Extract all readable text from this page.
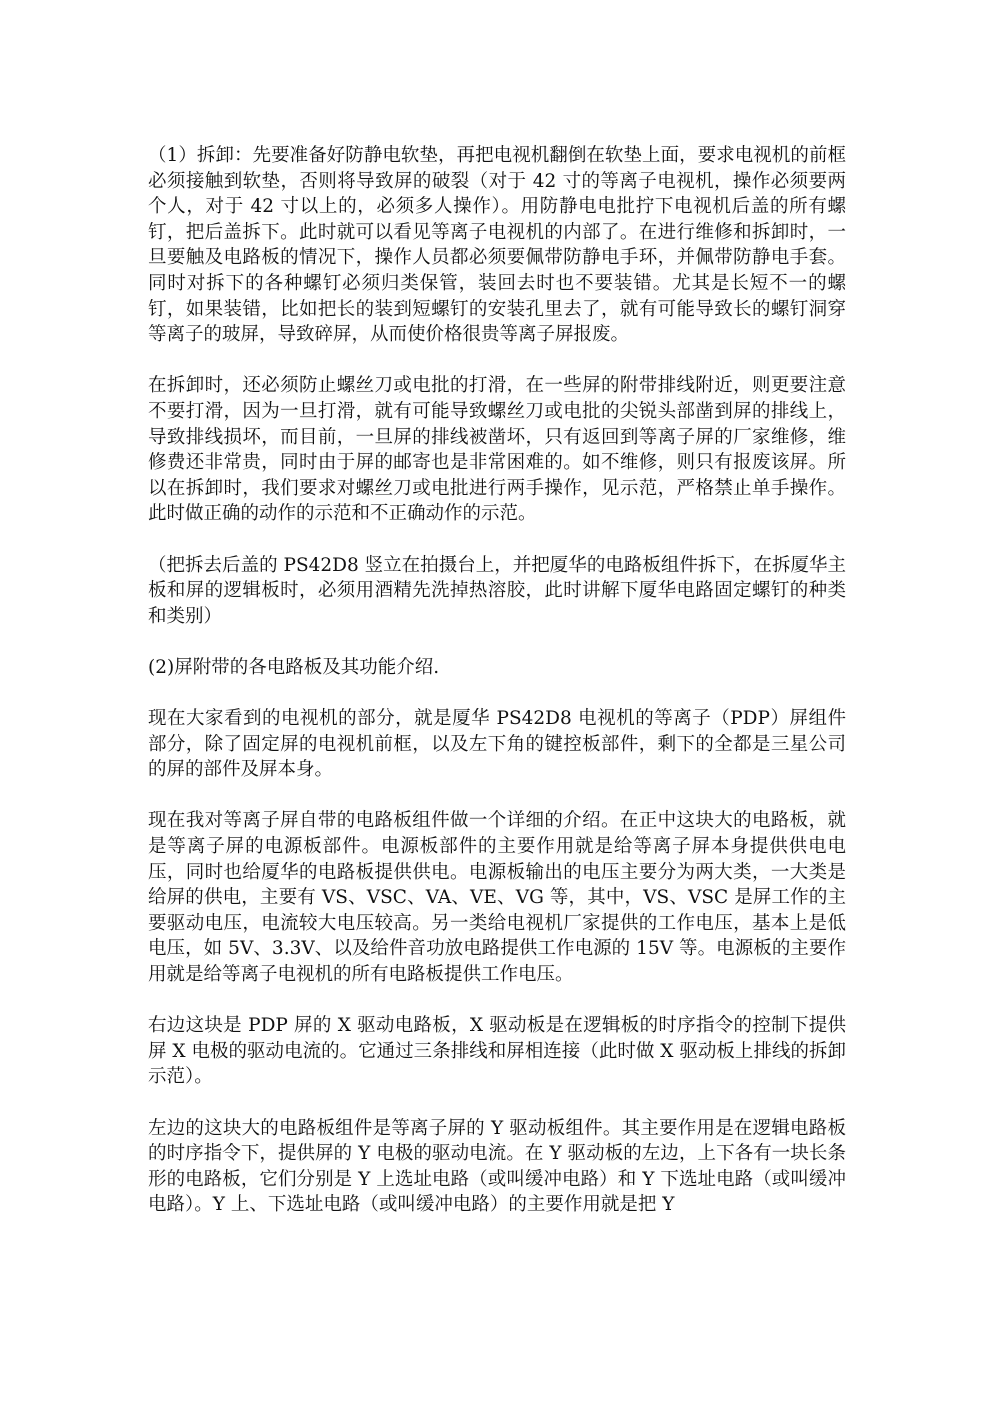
（1）拆卸：先要准备好防静电软垫，再把电视机翻倒在软垫上面，要求电视机的前框必须接触到软垫，否则将导致屏的破裂（对于 42 寸的等离子电视机，操作必须要两个人，对于 42 寸以上的，必须多人操作）。用防静电电批拧下电视机后盖的所有螺钉，把后盖拆下。此时就可以看见等离子电视机的内部了。在进行维修和拆卸时，一旦要触及电路板的情况下，操作人员都必须要佩带防静电手环，并佩带防静电手套。同时对拆下的各种螺钉必须归类保管，装回去时也不要装错。尤其是长短不一的螺钉，如果装错，比如把长的装到短螺钉的安装孔里去了，就有可能导致长的螺钉洞穿等离子的玻屏，导致碎屏，从而使价格很贵等离子屏报废。

在拆卸时，还必须防止螺丝刀或电批的打滑，在一些屏的附带排线附近，则更要注意不要打滑，因为一旦打滑，就有可能导致螺丝刀或电批的尖锐头部凿到屏的排线上，导致排线损坏，而目前，一旦屏的排线被凿坏，只有返回到等离子屏的厂家维修，维修费还非常贵，同时由于屏的邮寄也是非常困难的。如不维修，则只有报废该屏。所以在拆卸时，我们要求对螺丝刀或电批进行两手操作，见示范，严格禁止单手操作。此时做正确的动作的示范和不正确动作的示范。

（把拆去后盖的 PS42D8 竖立在拍摄台上，并把厦华的电路板组件拆下，在拆厦华主板和屏的逻辑板时，必须用酒精先洗掉热溶胶，此时讲解下厦华电路固定螺钉的种类和类别）

(2)屏附带的各电路板及其功能介绍.

现在大家看到的电视机的部分，就是厦华 PS42D8 电视机的等离子（PDP）屏组件部分，除了固定屏的电视机前框，以及左下角的键控板部件，剩下的全都是三星公司的屏的部件及屏本身。

现在我对等离子屏自带的电路板组件做一个详细的介绍。在正中这块大的电路板，就是等离子屏的电源板部件。电源板部件的主要作用就是给等离子屏本身提供供电电压，同时也给厦华的电路板提供供电。电源板输出的电压主要分为两大类，一大类是给屏的供电，主要有 VS、VSC、VA、VE、VG 等，其中，VS、VSC 是屏工作的主要驱动电压，电流较大电压较高。另一类给电视机厂家提供的工作电压，基本上是低电压，如 5V、3.3V、以及给件音功放电路提供工作电源的 15V 等。电源板的主要作用就是给等离子电视机的所有电路板提供工作电压。

右边这块是 PDP 屏的 X 驱动电路板，X 驱动板是在逻辑板的时序指令的控制下提供屏 X 电极的驱动电流的。它通过三条排线和屏相连接（此时做 X 驱动板上排线的拆卸示范）。

左边的这块大的电路板组件是等离子屏的 Y 驱动板组件。其主要作用是在逻辑电路板的时序指令下，提供屏的 Y 电极的驱动电流。在 Y 驱动板的左边，上下各有一块长条形的电路板，它们分别是 Y 上选址电路（或叫缓冲电路）和 Y 下选址电路（或叫缓冲电路）。Y 上、下选址电路（或叫缓冲电路）的主要作用就是把 Y
